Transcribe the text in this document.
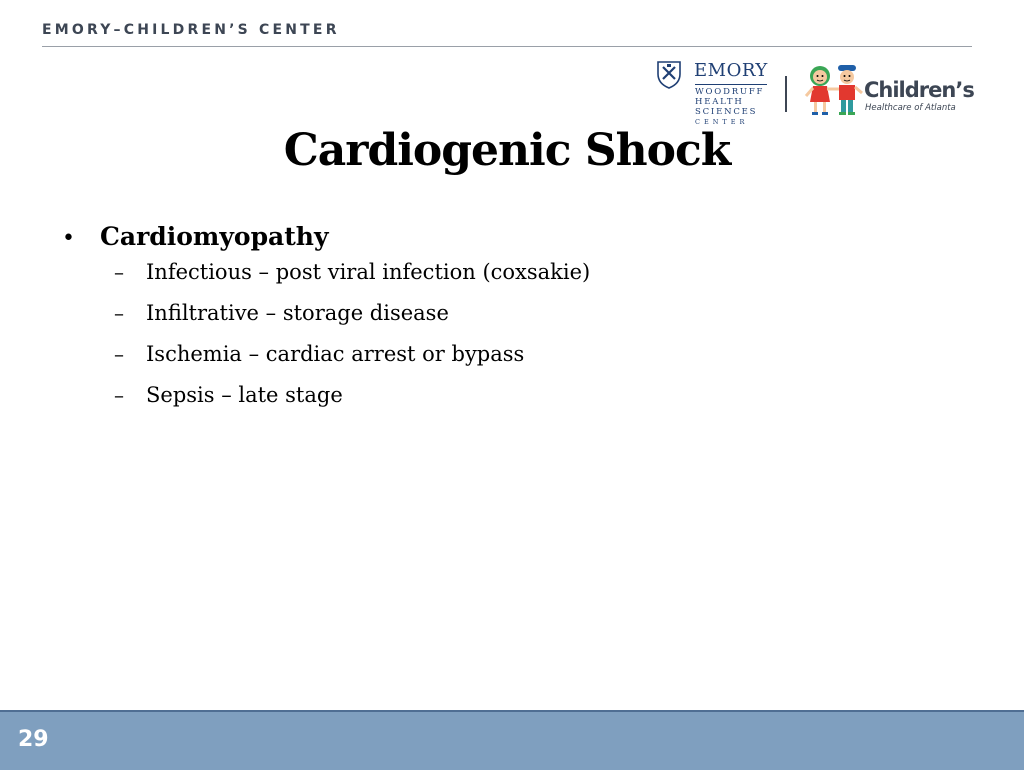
EMORY–CHILDREN’S CENTER
EMORY
WOODRUFF
HEALTH
SCIENCES
CENTER
Children’s
Healthcare of Atlanta
Cardiogenic Shock
•	Cardiomyopathy
–	Infectious – post viral infection (coxsakie)
–	Infiltrative – storage disease
–	Ischemia – cardiac arrest or bypass
–	Sepsis – late stage
29
